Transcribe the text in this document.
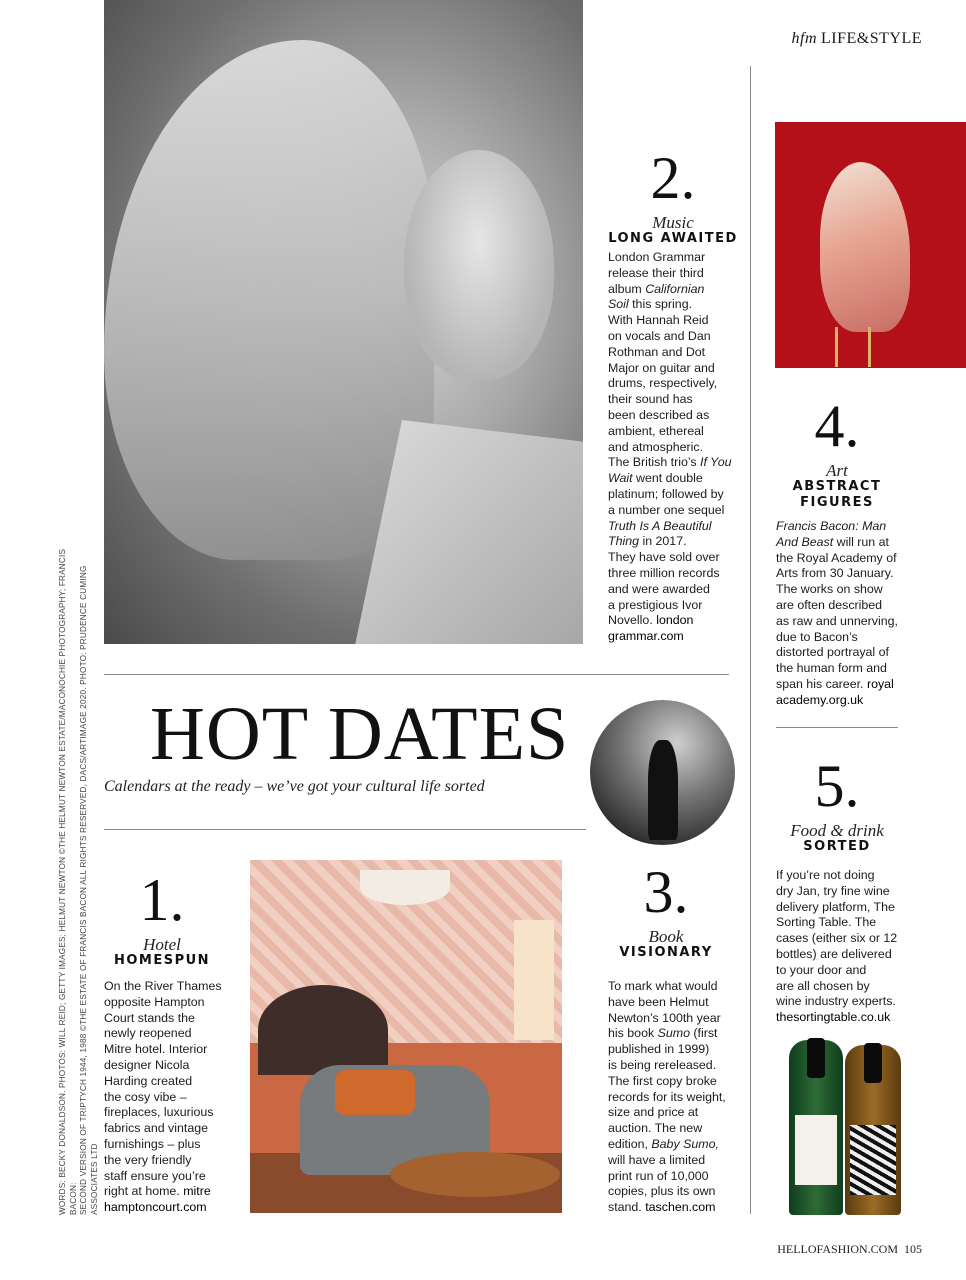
hfm LIFE&STYLE
HOT DATES
Calendars at the ready – we’ve got your cultural life sorted
2.
Music
LONG AWAITED
London Grammar
release their third
album Californian
Soil this spring.
With Hannah Reid
on vocals and Dan
Rothman and Dot
Major on guitar and
drums, respectively,
their sound has
been described as
ambient, ethereal
and atmospheric.
The British trio’s If You
Wait went double
platinum; followed by
a number one sequel
Truth Is A Beautiful
Thing in 2017.
They have sold over
three million records
and were awarded
a prestigious Ivor
Novello. london
grammar.com
4.
Art
ABSTRACT
FIGURES
Francis Bacon: Man
And Beast will run at
the Royal Academy of
Arts from 30 January.
The works on show
are often described
as raw and unnerving,
due to Bacon’s
distorted portrayal of
the human form and
span his career. royal
academy.org.uk
5.
Food & drink
SORTED
If you’re not doing
dry Jan, try fine wine
delivery platform, The
Sorting Table. The
cases (either six or 12
bottles) are delivered
to your door and
are all chosen by
wine industry experts.
thesortingtable.co.uk
1.
Hotel
HOMESPUN
On the River Thames
opposite Hampton
Court stands the
newly reopened
Mitre hotel. Interior
designer Nicola
Harding created
the cosy vibe –
fireplaces, luxurious
fabrics and vintage
furnishings – plus
the very friendly
staff ensure you’re
right at home. mitre
hamptoncourt.com
3.
Book
VISIONARY
To mark what would
have been Helmut
Newton’s 100th year
his book Sumo (first
published in 1999)
is being rereleased.
The first copy broke
records for its weight,
size and price at
auction. The new
edition, Baby Sumo,
will have a limited
print run of 10,000
copies, plus its own
stand. taschen.com
WORDS: BECKY DONALDSON. PHOTOS: WILL REID; GETTY IMAGES; HELMUT NEWTON ©THE HELMUT NEWTON ESTATE/MACONOCHIE PHOTOGRAPHY; FRANCIS BACON: SECOND VERSION OF TRIPTYCH 1944, 1988 ©THE ESTATE OF FRANCIS BACON ALL RIGHTS RESERVED, DACS/ARTIMAGE 2020. PHOTO: PRUDENCE CUMING ASSOCIATES LTD
HELLOFASHION.COM 105
